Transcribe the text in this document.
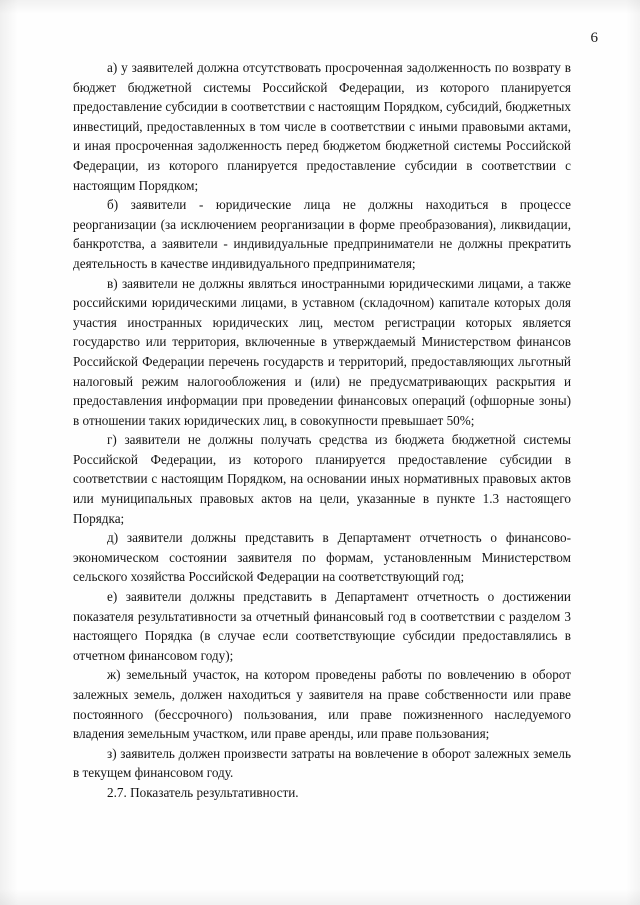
6

а) у заявителей должна отсутствовать просроченная задолженность по возврату в бюджет бюджетной системы Российской Федерации, из которого планируется предоставление субсидии в соответствии с настоящим Порядком, субсидий, бюджетных инвестиций, предоставленных в том числе в соответствии с иными правовыми актами, и иная просроченная задолженность перед бюджетом бюджетной системы Российской Федерации, из которого планируется предоставление субсидии в соответствии с настоящим Порядком;

б) заявители - юридические лица не должны находиться в процессе реорганизации (за исключением реорганизации в форме преобразования), ликвидации, банкротства, а заявители - индивидуальные предприниматели не должны прекратить деятельность в качестве индивидуального предпринимателя;

в) заявители не должны являться иностранными юридическими лицами, а также российскими юридическими лицами, в уставном (складочном) капитале которых доля участия иностранных юридических лиц, местом регистрации которых является государство или территория, включенные в утверждаемый Министерством финансов Российской Федерации перечень государств и территорий, предоставляющих льготный налоговый режим налогообложения и (или) не предусматривающих раскрытия и предоставления информации при проведении финансовых операций (офшорные зоны) в отношении таких юридических лиц, в совокупности превышает 50%;

г) заявители не должны получать средства из бюджета бюджетной системы Российской Федерации, из которого планируется предоставление субсидии в соответствии с настоящим Порядком, на основании иных нормативных правовых актов или муниципальных правовых актов на цели, указанные в пункте 1.3 настоящего Порядка;

д) заявители должны представить в Департамент отчетность о финансово-экономическом состоянии заявителя по формам, установленным Министерством сельского хозяйства Российской Федерации на соответствующий год;

е) заявители должны представить в Департамент отчетность о достижении показателя результативности за отчетный финансовый год в соответствии с разделом 3 настоящего Порядка (в случае если соответствующие субсидии предоставлялись в отчетном финансовом году);

ж) земельный участок, на котором проведены работы по вовлечению в оборот залежных земель, должен находиться у заявителя на праве собственности или праве постоянного (бессрочного) пользования, или праве пожизненного наследуемого владения земельным участком, или праве аренды, или праве пользования;

з) заявитель должен произвести затраты на вовлечение в оборот залежных земель в текущем финансовом году.

2.7. Показатель результативности.
